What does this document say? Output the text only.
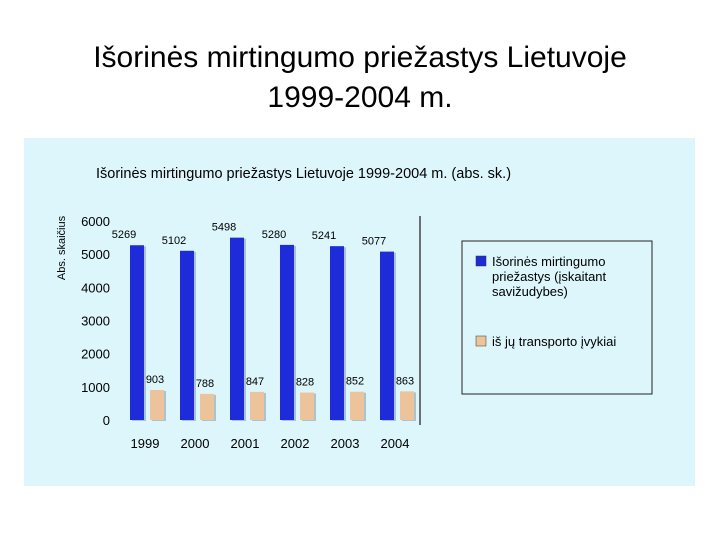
Išorinės mirtingumo priežastys Lietuvoje
1999-2004 m.
Išorinės mirtingumo priežastys Lietuvoje 1999-2004 m. (abs. sk.)
Abs. skaičius
0
1000
2000
3000
4000
5000
6000
1999 2000 2001 2002 2003 2004
5269
903
5102
788
5498
847
5280
828
5241
852
5077
863
Išorinės mirtingumo
priežastys (įskaitant
savižudybes)
iš jų transporto įvykiai
